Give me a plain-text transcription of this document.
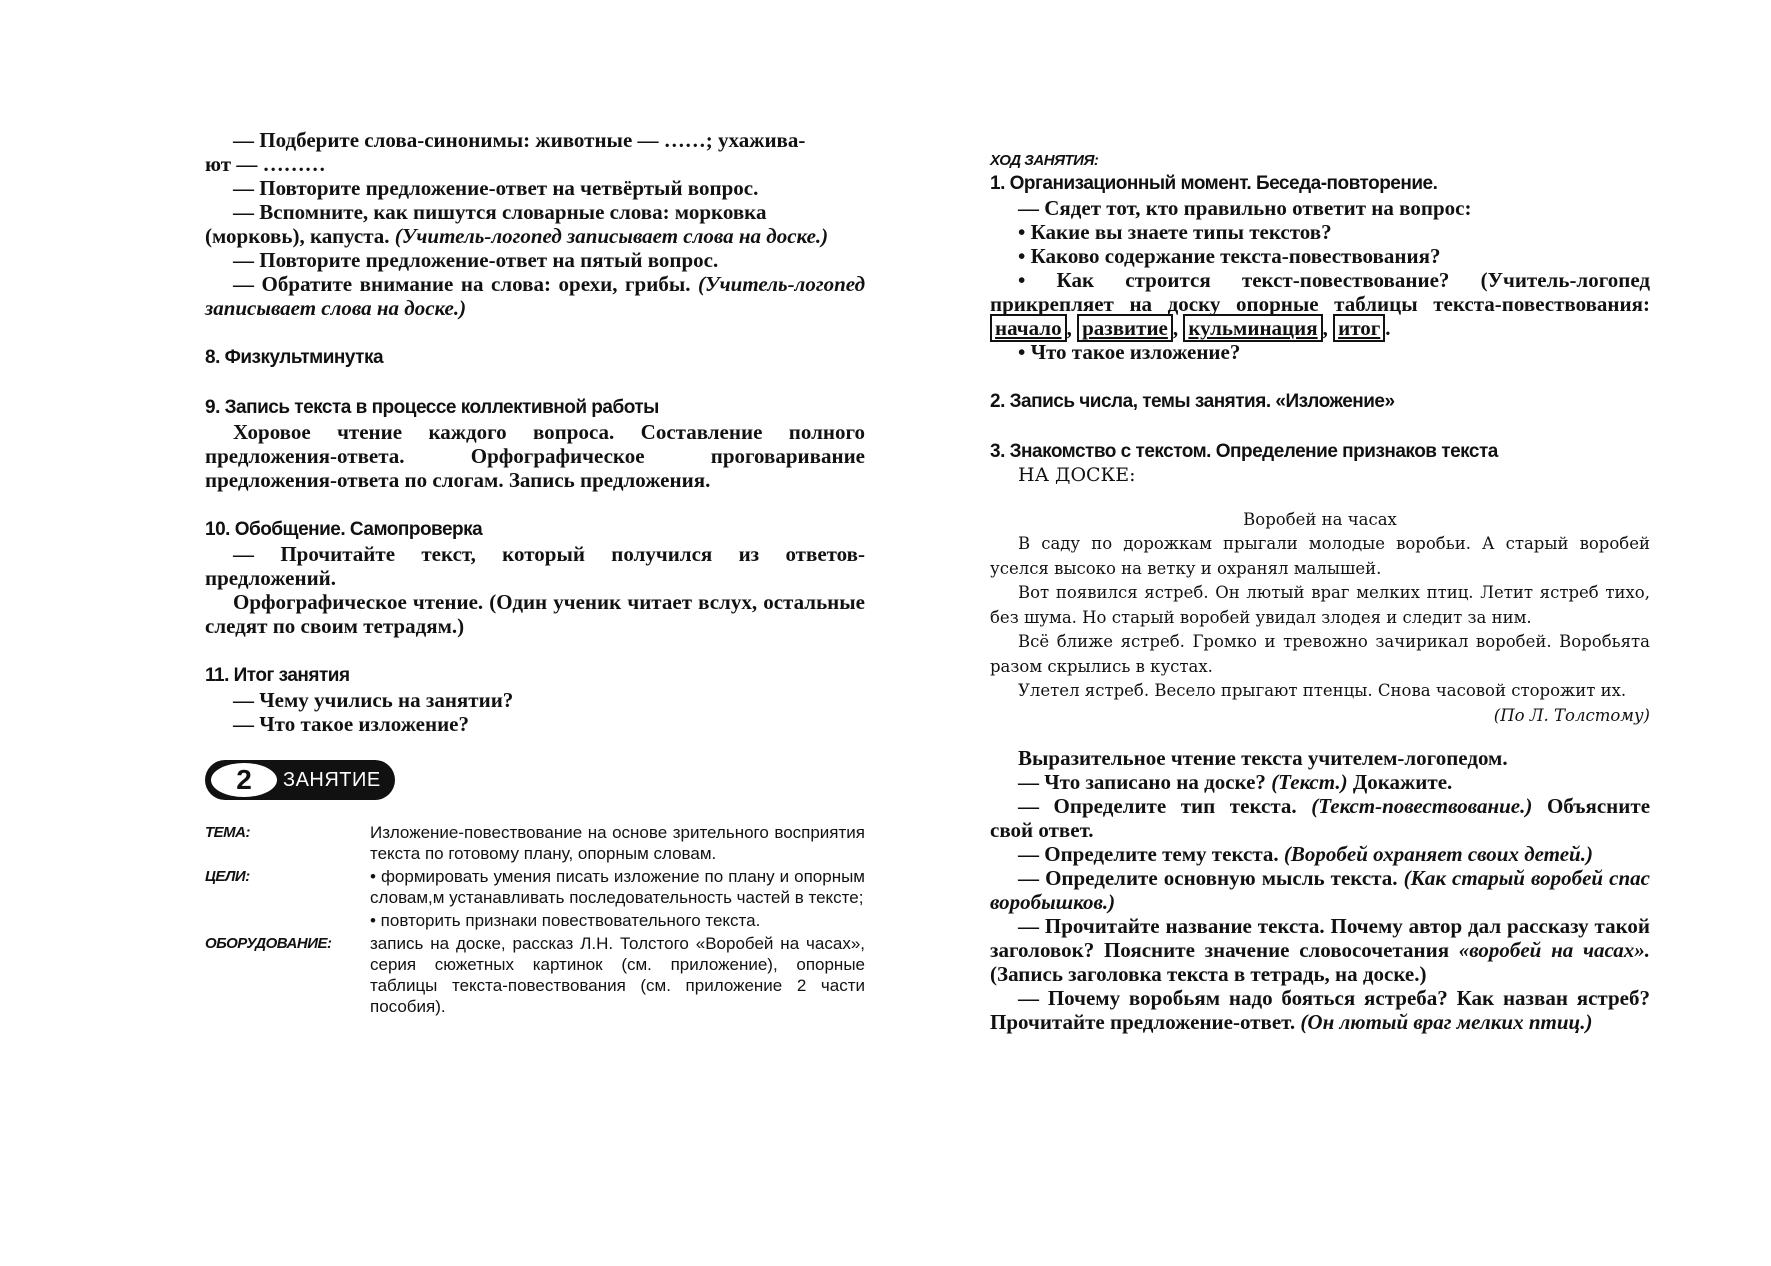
— Подберите слова-синонимы: животные — ……; ухажива-

ют — ………

— Повторите предложение-ответ на четвёртый вопрос.

— Вспомните, как пишутся словарные слова: морковка

(морковь), капуста. (Учитель-логопед записывает слова на доске.)

— Повторите предложение-ответ на пятый вопрос.

— Обратите внимание на слова: орехи, грибы. (Учитель-логопед записывает слова на доске.)

8. Физкультминутка

9. Запись текста в процессе коллективной работы

Хоровое чтение каждого вопроса. Составление полного предложения-ответа. Орфографическое проговаривание предложения-ответа по слогам. Запись предложения.

10. Обобщение. Самопроверка

— Прочитайте текст, который получился из ответов-предложений.

Орфографическое чтение. (Один ученик читает вслух, остальные следят по своим тетрадям.)

11. Итог занятия

— Чему учились на занятии?

— Что такое изложение?

2	ЗАНЯТИЕ
ТЕМА:	Изложение-повествование на основе зрительного восприятия текста по готовому плану, опорным словам.
ЦЕЛИ:	• формировать умения писать изложение по плану и опорным словам,м устанавливать последовательность частей в тексте;
• повторить признаки повествовательного текста.
ОБОРУДОВАНИЕ:	запись на доске, рассказ Л.Н. Толстого «Воробей на часах», серия сюжетных картинок (см. приложение), опорные таблицы текста-повествования (см. приложение 2 части пособия).

ХОД ЗАНЯТИЯ:

1. Организационный момент. Беседа-повторение.

— Сядет тот, кто правильно ответит на вопрос:

• Какие вы знаете типы текстов?

• Каково содержание текста-повествования?

• Как строится текст-повествование? (Учитель-логопед прикрепляет на доску опорные таблицы текста-повествования: начало , развитие , кульминация , итог .

• Что такое изложение?

2. Запись числа, темы занятия. «Изложение»

3. Знакомство с текстом. Определение признаков текста

НА ДОСКЕ:

Воробей на часах

В саду по дорожкам прыгали молодые воробьи. А старый воробей уселся высоко на ветку и охранял малышей.

Вот появился ястреб. Он лютый враг мелких птиц. Летит ястреб тихо, без шума. Но старый воробей увидал злодея и следит за ним.

Всё ближе ястреб. Громко и тревожно зачирикал воробей. Воробьята разом скрылись в кустах.

Улетел ястреб. Весело прыгают птенцы. Снова часовой сторожит их.

(По Л. Толстому)

Выразительное чтение текста учителем-логопедом.

— Что записано на доске? (Текст.) Докажите.

— Определите тип текста. (Текст-повествование.) Объясните свой ответ.

— Определите тему текста. (Воробей охраняет своих детей.)

— Определите основную мысль текста. (Как старый воробей спас воробышков.)

— Прочитайте название текста. Почему автор дал рассказу такой заголовок? Поясните значение словосочетания «воробей на часах». (Запись заголовка текста в тетрадь, на доске.)

— Почему воробьям надо бояться ястреба? Как назван ястреб? Прочитайте предложение-ответ. (Он лютый враг мелких птиц.)
